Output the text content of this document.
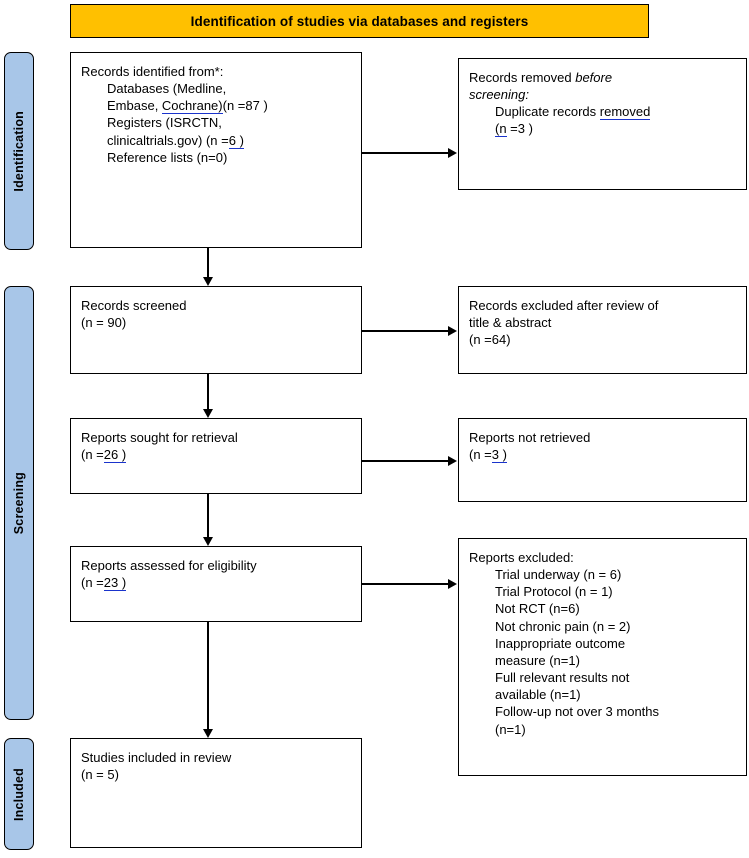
Identification of studies via databases and registers
Identification
Screening
Included
Records identified from*:
Databases (Medline,
Embase, Cochrane)(n =87 )
Registers (ISRCTN,
clinicaltrials.gov) (n =6 )
Reference lists (n=0)
Records removed before
screening:
Duplicate records removed
(n =3 )
Records screened
(n = 90)
Records excluded after review of
title & abstract
(n =64)
Reports sought for retrieval
(n =26 )
Reports not retrieved
(n =3 )
Reports assessed for eligibility
(n =23 )
Reports excluded:
Trial underway (n = 6)
Trial Protocol (n = 1)
Not RCT (n=6)
Not chronic pain (n = 2)
Inappropriate outcome
measure (n=1)
Full relevant results not
available (n=1)
Follow-up not over 3 months
(n=1)
Studies included in review
(n = 5)
